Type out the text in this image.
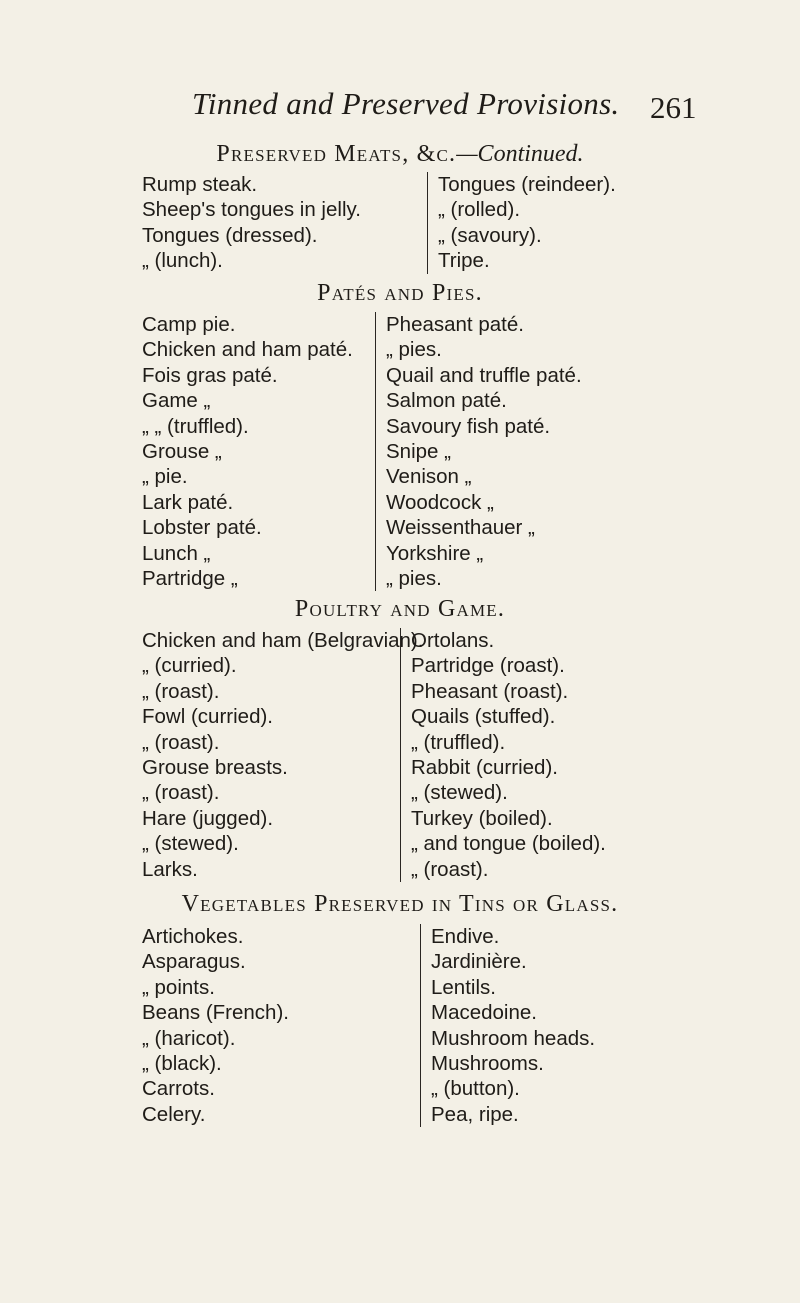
Tinned and Preserved Provisions. 261
Preserved Meats, &c.—Continued.
Rump steak.
Sheep's tongues in jelly.
Tongues (dressed).
„ (lunch).
Tongues (reindeer).
„ (rolled).
„ (savoury).
Tripe.
Patés and Pies.
Camp pie.
Chicken and ham paté.
Fois gras paté.
Game „
„ „ (truffled).
Grouse „
„ pie.
Lark paté.
Lobster paté.
Lunch „
Partridge „
Pheasant paté.
„ pies.
Quail and truffle paté.
Salmon paté.
Savoury fish paté.
Snipe „
Venison „
Woodcock „
Weissenthauer „
Yorkshire „
„ pies.
Poultry and Game.
Chicken and ham (Belgravian).
„ (curried).
„ (roast).
Fowl (curried).
„ (roast).
Grouse breasts.
„ (roast).
Hare (jugged).
„ (stewed).
Larks.
Ortolans.
Partridge (roast).
Pheasant (roast).
Quails (stuffed).
„ (truffled).
Rabbit (curried).
„ (stewed).
Turkey (boiled).
„ and tongue (boiled).
„ (roast).
Vegetables Preserved in Tins or Glass.
Artichokes.
Asparagus.
„ points.
Beans (French).
„ (haricot).
„ (black).
Carrots.
Celery.
Endive.
Jardinière.
Lentils.
Macedoine.
Mushroom heads.
Mushrooms.
„ (button).
Pea, ripe.
